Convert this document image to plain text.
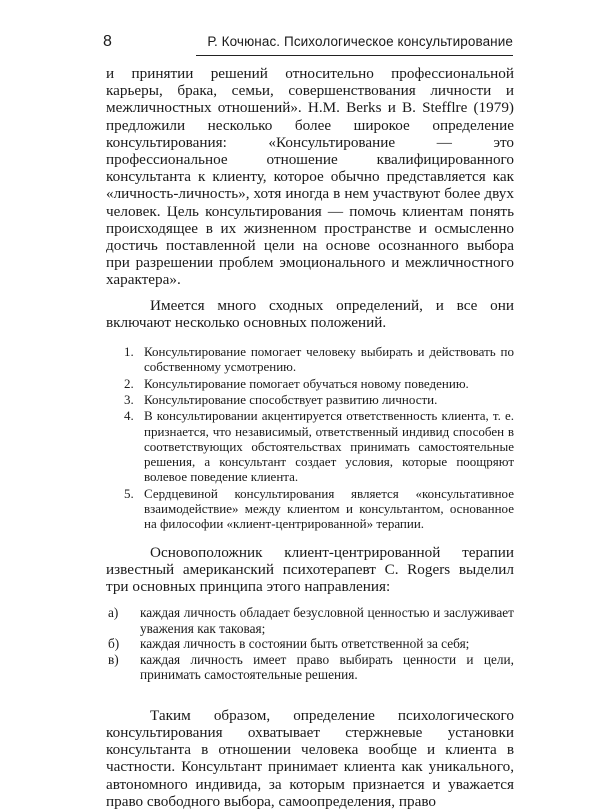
8	Р. Кочюнас. Психологическое консультирование

и принятии решений относительно профессиональной карьеры, брака, семьи, совершенствования личности и межличностных отношений». H.M. Berks и B. Stefflre (1979) предложили несколько более широкое определение консультирования: «Консультирование — это профессиональное отношение квалифицированного консультанта к клиенту, которое обычно представляется как «личность-личность», хотя иногда в нем участвуют более двух человек. Цель консультирования — помочь клиентам понять происходящее в их жизненном пространстве и осмысленно достичь поставленной цели на основе осознанного выбора при разрешении проблем эмоционального и межличностного характера».

Имеется много сходных определений, и все они включают несколько основных положений.

1. Консультирование помогает человеку выбирать и действовать по собственному усмотрению.
2. Консультирование помогает обучаться новому поведению.
3. Консультирование способствует развитию личности.
4. В консультировании акцентируется ответственность клиента, т. е. признается, что независимый, ответственный индивид способен в соответствующих обстоятельствах принимать самостоятельные решения, а консультант создает условия, которые поощряют волевое поведение клиента.
5. Сердцевиной консультирования является «консультативное взаимодействие» между клиентом и консультантом, основанное на философии «клиент-центрированной» терапии.

Основоположник клиент-центрированной терапии известный американский психотерапевт C. Rogers выделил три основных принципа этого направления:

а) каждая личность обладает безусловной ценностью и заслуживает уважения как таковая;
б) каждая личность в состоянии быть ответственной за себя;
в) каждая личность имеет право выбирать ценности и цели, принимать самостоятельные решения.

Таким образом, определение психологического консультирования охватывает стержневые установки консультанта в отношении человека вообще и клиента в частности. Консультант принимает клиента как уникального, автономного индивида, за которым признается и уважается право свободного выбора, самоопределения, право
